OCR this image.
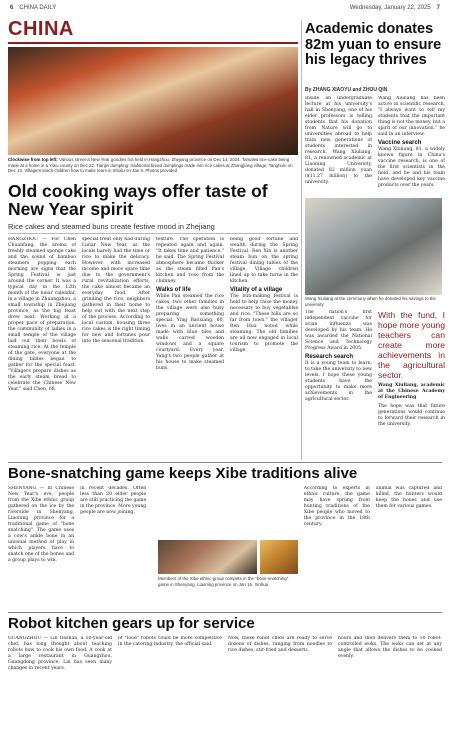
6 CHINA DAILY	Wednesday, January 22, 2025 7
CHINA
Clockwise from top left: Various street-a New Year goodies hot held in Hangzhou, Zhejiang province on Dec 14, 2024. Tamales rice-cake being made at a home in a Yiwu county on Dec 22. Tianjin dumpling: traditional bread dumplings made into rice cakes at Zhangjiang village; Tanghulu on Dec 13. Villagers teach children how to make tears in Xhoilu on Jan 5. Photos provided
Old cooking ways offer taste of New Year spirit
Rice cakes and steamed buns create festive mood in Zhejiang

HANGZHOU — For Chen Chuanfang, the aroma of freshly steamed sponge cake and the sound of bamboo steamers popping each morning are signs that the Spring Festival is just around the corner. It was a typical day in the 12th month of the lunar calendar, in a village in Zhuangzhou, a small township in Zhejiang province, as the big feast drew near. Working at a proper pace of preparation, the community of ladies in a small temple of the village laid out their bowls of steaming rice. At the temple of the gate, everyone at the dining tables began to gather for the special feast. "Villagers prepare dishes as the early steam bread to celebrate the Chinese New Year," said Chen, 68.

special treat only had during Lunar New Year, as the locals barely had the time or rice to make the delicacy. However, with increased income and more spare time due to the government's rural revitalization efforts, the cake almost became an everyday food. After grinding the rice, neighbors gathered in their home to help out with the next step of the process. According to local custom, housing three rice cakes is the right timing for new and fortunes pour into the seasonal tradition.

texture. The operation is repeated again and again. "It takes time and patience," he said. The Spring Festival atmosphere became thicker as the steam filled Pan's kitchen and rose from the chimney.

Walks of life

While Pan steamed the rice cakes, two other families in the village were also busy preparing something special. Ying Baoxiang, 60, lives in an ancient house made with blue tiles and walls carved wooden windows and a square courtyard. Every year, Yang's two people gather at his house to make steamed buns.

being good fortune and wealth during the Spring Festival. Ren Xin is another steam bun on the spring festival dining tables of the village. Village children lined up to take turns in the kitchen.

Vitality of a village

The bun-making festival is held to help raise the money necessary to buy vegetables and rice. "These hills are so far from town," the villager Ren Hua noted while steaming. The old families are all now engaged in local tourism to promote the village.

Academic donates 82m yuan to ensure his legacy thrives
By ZHANG XIAOYU and ZHOU QIN

Inside an undergraduate lecture at his university's hall in Shenyang, one of his elder professors is telling students that his donation from Nature will go to universities abroad to help train new generations of students interested in research. Wang Xiuliang, 81, a renowned academic at Liaoning University, donated 82 million yuan ($11.27 million) to the university.

Wang Xiuliang has been active in scientific research. "I always want to tell my students that the important thing is not the money, but a spirit of our innovation," he said in an interview.

Vaccine search

Wang Xiuliang, 81, a widely known figure in China's vaccine research, is one of the first scientists in the field, and he and his team have developed key vaccine products over the years.

Wang Xiuliang at the ceremony when he donated his savings to the university.

The nation's first independent vaccine for avian influenza was developed by his team. He was awarded the National Science and Technology Progress Award in 2005.

Research search

It is a young team to learn, to take the university to new levels. I hope these young students have the opportunity to make more achievements in the agricultural sector.

With the fund, I hope more young teachers can create more achievements in the agricultural sector.

Wang Xiuliang, academic at the Chinese Academy of Engineering

The hope was that future generations would continue to forward their research in the university.

Bone-snatching game keeps Xibe traditions alive

SHENYANG — In Chinese New Year's eve, people from the Xibe ethnic group gathered on the ice by the riverside in Shenyang, Liaoning province for a traditional game of "bone snatching". The game uses a cow's ankle bone in an unusual method of play in which players have to snatch one of the bones and a group plays to win.

in recent decades. Often less than 20 elder people are still practicing the game in the province. More young people are now joining.

According to experts in ethnic culture, the game may have sprung from hunting traditions of the Xibe people who moved to the province in the 18th century.

animal was captured and killed, the hunters would keep the bones and use them for various games.

Members of the Xibe ethnic group compete in the "bone-snatching" game in Shenyang, Liaoning province on Jan 16. Xinhua
Robot kitchen gears up for service

GUANGZHOU — Lin Dashan, a 10-year-old chef, has long thought about teaching robots how to cook his own food. A cook at a large restaurant in Guangzhou, Guangdong province, Lin has seen many changes in recent years.

of "food" robots could be more competitive in the catering industry, the official said.

Now, these robot chefs are ready to serve dozens of dishes, ranging from noodles to rice dishes, stir-fried and desserts.

hours and then delivers them to 10 robot-controlled woks. The woks can set at any angle that allows the dishes to be cooked evenly.
